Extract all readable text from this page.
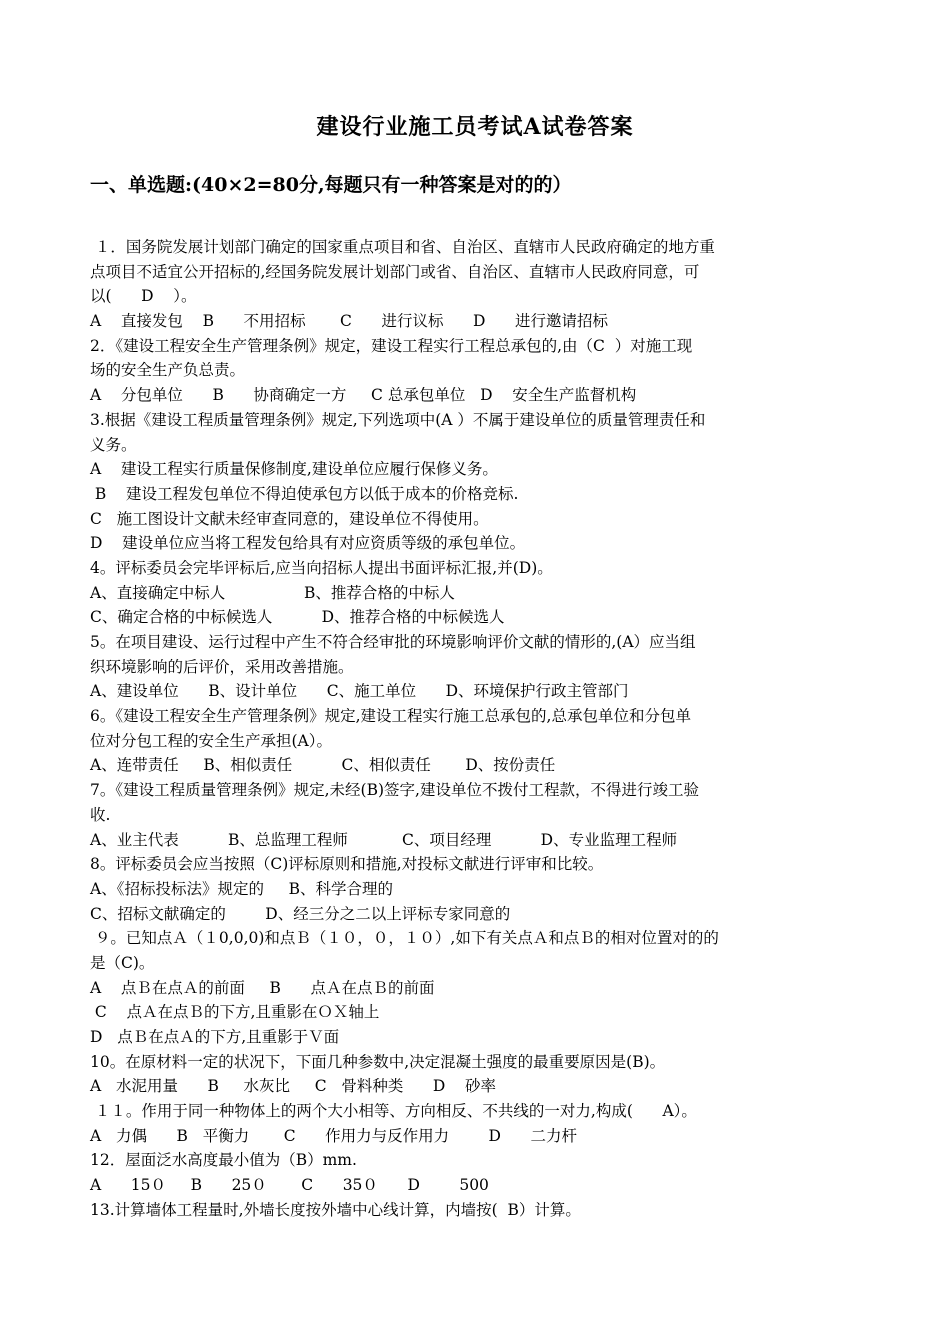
建设行业施工员考试A试卷答案
一、单选题:(40×2=80分,每题只有一种答案是对的的）
１．国务院发展计划部门确定的国家重点项目和省、自治区、直辖市人民政府确定的地方重
点项目不适宜公开招标的,经国务院发展计划部门或省、自治区、直辖市人民政府同意，可
以(      D    ）。
A    直接发包    B      不用招标       C      进行议标      D      进行邀请招标
2．《建设工程安全生产管理条例》规定，建设工程实行工程总承包的,由（C  ）对施工现
场的安全生产负总责。
A    分包单位      B      协商确定一方     C 总承包单位   D    安全生产监督机构
3.根据《建设工程质量管理条例》规定,下列选项中(A ）不属于建设单位的质量管理责任和
义务。
A    建设工程实行质量保修制度,建设单位应履行保修义务。
B    建设工程发包单位不得迫使承包方以低于成本的价格竞标.
C   施工图设计文献未经审查同意的，建设单位不得使用。
D    建设单位应当将工程发包给具有对应资质等级的承包单位。
4。评标委员会完毕评标后,应当向招标人提出书面评标汇报,并(D)。
A、直接确定中标人                B、推荐合格的中标人
C、确定合格的中标候选人          D、推荐合格的中标候选人
5。在项目建设、运行过程中产生不符合经审批的环境影响评价文献的情形的,(A）应当组
织环境影响的后评价，采用改善措施。
A、建设单位      B、设计单位      C、施工单位      D、环境保护行政主管部门
6。《建设工程安全生产管理条例》规定,建设工程实行施工总承包的,总承包单位和分包单
位对分包工程的安全生产承担(A）。
A、连带责任     B、相似责任          C、相似责任       D、按份责任
7。《建设工程质量管理条例》规定,未经(B)签字,建设单位不拨付工程款，不得进行竣工验
收.
A、业主代表          B、总监理工程师           C、项目经理          D、专业监理工程师
8。评标委员会应当按照（C)评标原则和措施,对投标文献进行评审和比较。
A、《招标投标法》规定的     B、科学合理的
C、招标文献确定的        D、经三分之二以上评标专家同意的
９。已知点Ａ（１0,0,0)和点Ｂ（１０，０，１０）,如下有关点Ａ和点Ｂ的相对位置对的的
是（C)。
A    点Ｂ在点Ａ的前面     B      点Ａ在点Ｂ的前面
C    点Ａ在点Ｂ的下方,且重影在ＯＸ轴上
D   点Ｂ在点Ａ的下方,且重影于Ｖ面
10。在原材料一定的状况下，下面几种参数中,决定混凝土强度的最重要原因是(B)。
A   水泥用量      B     水灰比     C   骨料种类      D    砂率
１１。作用于同一种物体上的两个大小相等、方向相反、不共线的一对力,构成(      A）。
A   力偶      B   平衡力       C      作用力与反作用力        D      二力杆
12．屋面泛水高度最小值为（B）mm.
A      15０     B      25０       C      35０      D        500
13.计算墙体工程量时,外墙长度按外墙中心线计算，内墙按(  B）计算。
